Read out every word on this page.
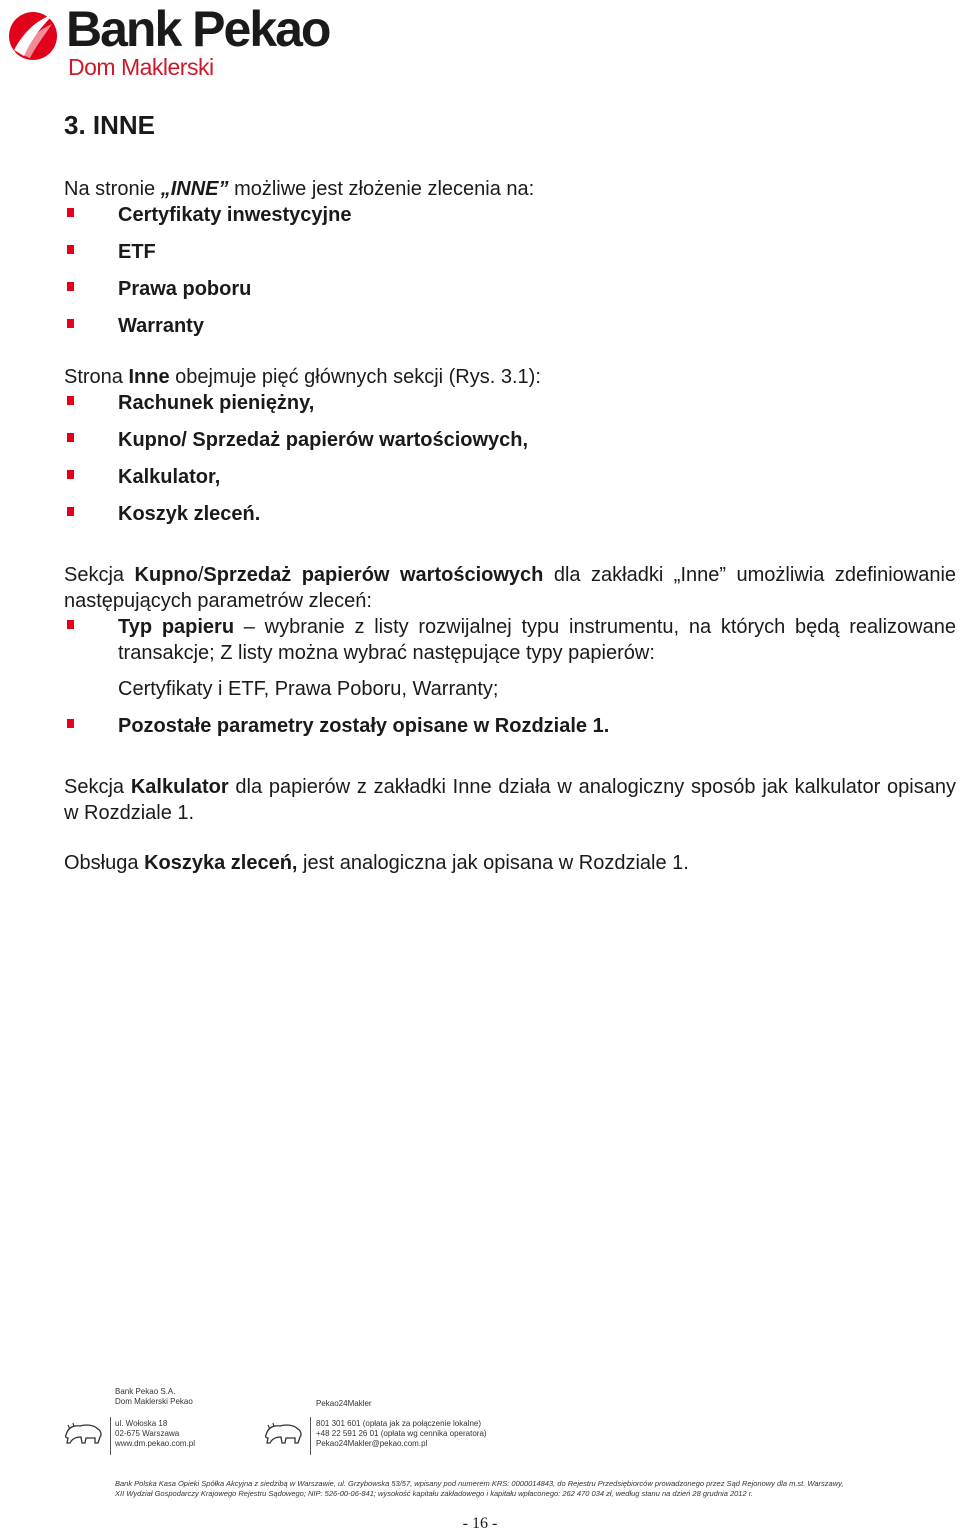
Bank Pekao
Dom Maklerski
3. INNE

Na stronie „INNE” możliwe jest złożenie zlecenia na:

Certyfikaty inwestycyjne
ETF
Prawa poboru
Warranty

Strona Inne obejmuje pięć głównych sekcji (Rys. 3.1):

Rachunek pieniężny,
Kupno/ Sprzedaż papierów wartościowych,
Kalkulator,
Koszyk zleceń.

Sekcja Kupno/Sprzedaż papierów wartościowych dla zakładki „Inne” umożliwia zdefiniowanie następujących parametrów zleceń:

Typ papieru – wybranie z listy rozwijalnej typu instrumentu, na których będą realizowane transakcje; Z listy można wybrać następujące typy papierów:
Certyfikaty i ETF, Prawa Poboru, Warranty;
Pozostałe parametry zostały opisane w Rozdziale 1.

Sekcja Kalkulator dla papierów z zakładki Inne działa w analogiczny sposób jak kalkulator opisany w Rozdziale 1.

Obsługa Koszyka zleceń, jest analogiczna jak opisana w Rozdziale 1.

Bank Pekao S.A.
Dom Maklerski Pekao
ul. Wołoska 18
02-675 Warszawa
www.dm.pekao.com.pl
Pekao24Makler
801 301 601 (opłata jak za połączenie lokalne)
+48 22 591 26 01 (opłata wg cennika operatora)
Pekao24Makler@pekao.com.pl
Bank Polska Kasa Opieki Spółka Akcyjna z siedzibą w Warszawie, ul. Grzybowska 53/57, wpisany pod numerem KRS: 0000014843, do Rejestru Przedsiębiorców prowadzonego przez Sąd Rejonowy dla m.st. Warszawy,
XII Wydział Gospodarczy Krajowego Rejestru Sądowego; NIP: 526-00-06-841; wysokość kapitału zakładowego i kapitału wpłaconego: 262 470 034 zł, według stanu na dzień 28 grudnia 2012 r.
- 16 -
